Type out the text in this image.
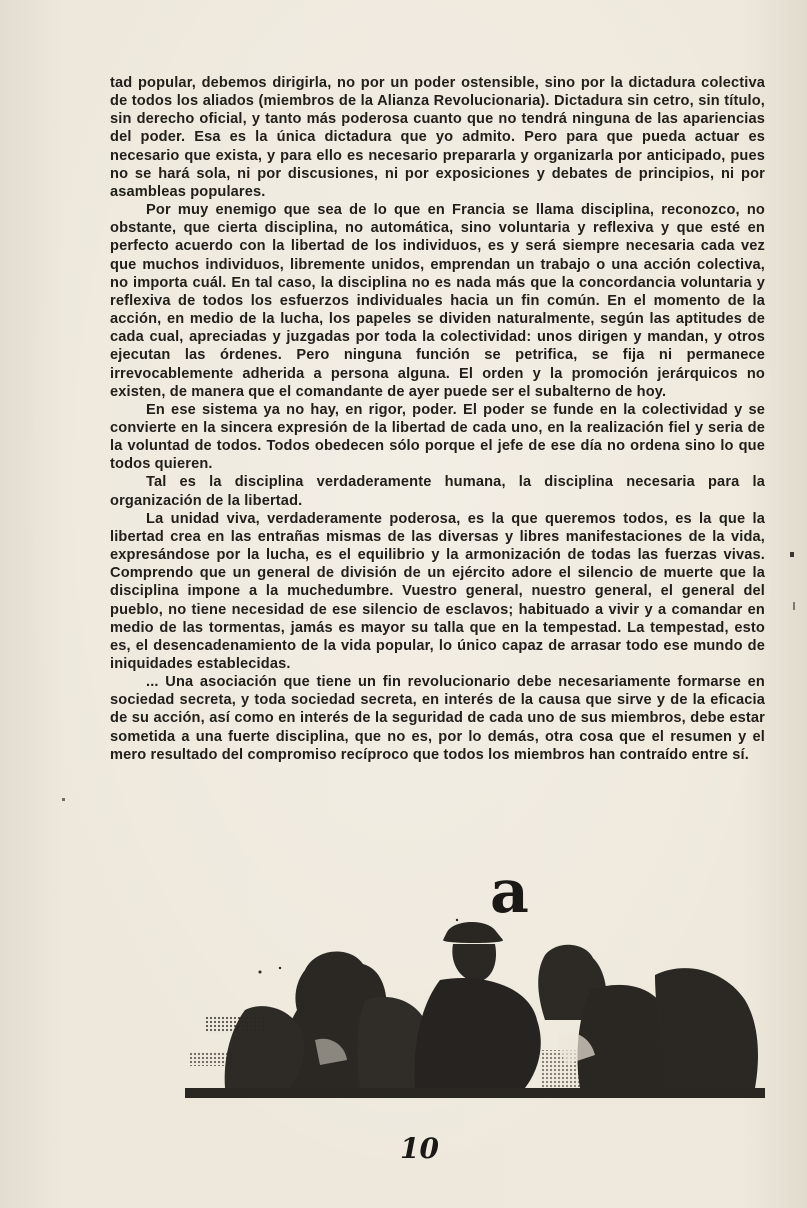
tad popular, debemos dirigirla, no por un poder ostensible, sino por la dictadura colectiva de todos los aliados (miembros de la Alianza Revolucionaria). Dictadura sin cetro, sin título, sin derecho oficial, y tanto más poderosa cuanto que no tendrá ninguna de las apariencias del poder. Esa es la única dictadura que yo admito. Pero para que pueda actuar es necesario que exista, y para ello es necesario prepararla y organizarla por anticipado, pues no se hará sola, ni por discusiones, ni por exposiciones y debates de principios, ni por asambleas populares.

Por muy enemigo que sea de lo que en Francia se llama disciplina, reconozco, no obstante, que cierta disciplina, no automática, sino voluntaria y reflexiva y que esté en perfecto acuerdo con la libertad de los individuos, es y será siempre necesaria cada vez que muchos individuos, libremente unidos, emprendan un trabajo o una acción colectiva, no importa cuál. En tal caso, la disciplina no es nada más que la concordancia voluntaria y reflexiva de todos los esfuerzos individuales hacia un fin común. En el momento de la acción, en medio de la lucha, los papeles se dividen naturalmente, según las aptitudes de cada cual, apreciadas y juzgadas por toda la colectividad: unos dirigen y mandan, y otros ejecutan las órdenes. Pero ninguna función se petrifica, se fija ni permanece irrevocablemente adherida a persona alguna. El orden y la promoción jerárquicos no existen, de manera que el comandante de ayer puede ser el subalterno de hoy.

En ese sistema ya no hay, en rigor, poder. El poder se funde en la colectividad y se convierte en la sincera expresión de la libertad de cada uno, en la realización fiel y seria de la voluntad de todos. Todos obedecen sólo porque el jefe de ese día no ordena sino lo que todos quieren.

Tal es la disciplina verdaderamente humana, la disciplina necesaria para la organización de la libertad.

La unidad viva, verdaderamente poderosa, es la que queremos todos, es la que la libertad crea en las entrañas mismas de las diversas y libres manifestaciones de la vida, expresándose por la lucha, es el equilibrio y la armonización de todas las fuerzas vivas. Comprendo que un general de división de un ejército adore el silencio de muerte que la disciplina impone a la muchedumbre. Vuestro general, nuestro general, el general del pueblo, no tiene necesidad de ese silencio de esclavos; habituado a vivir y a comandar en medio de las tormentas, jamás es mayor su talla que en la tempestad. La tempestad, esto es, el desencadenamiento de la vida popular, lo único capaz de arrasar todo ese mundo de iniquidades establecidas.

... Una asociación que tiene un fin revolucionario debe necesariamente formarse en sociedad secreta, y toda sociedad secreta, en interés de la causa que sirve y de la eficacia de su acción, así como en interés de la seguridad de cada uno de sus miembros, debe estar sometida a una fuerte disciplina, que no es, por lo demás, otra cosa que el resumen y el mero resultado del compromiso recíproco que todos los miembros han contraído entre sí.

a
10
